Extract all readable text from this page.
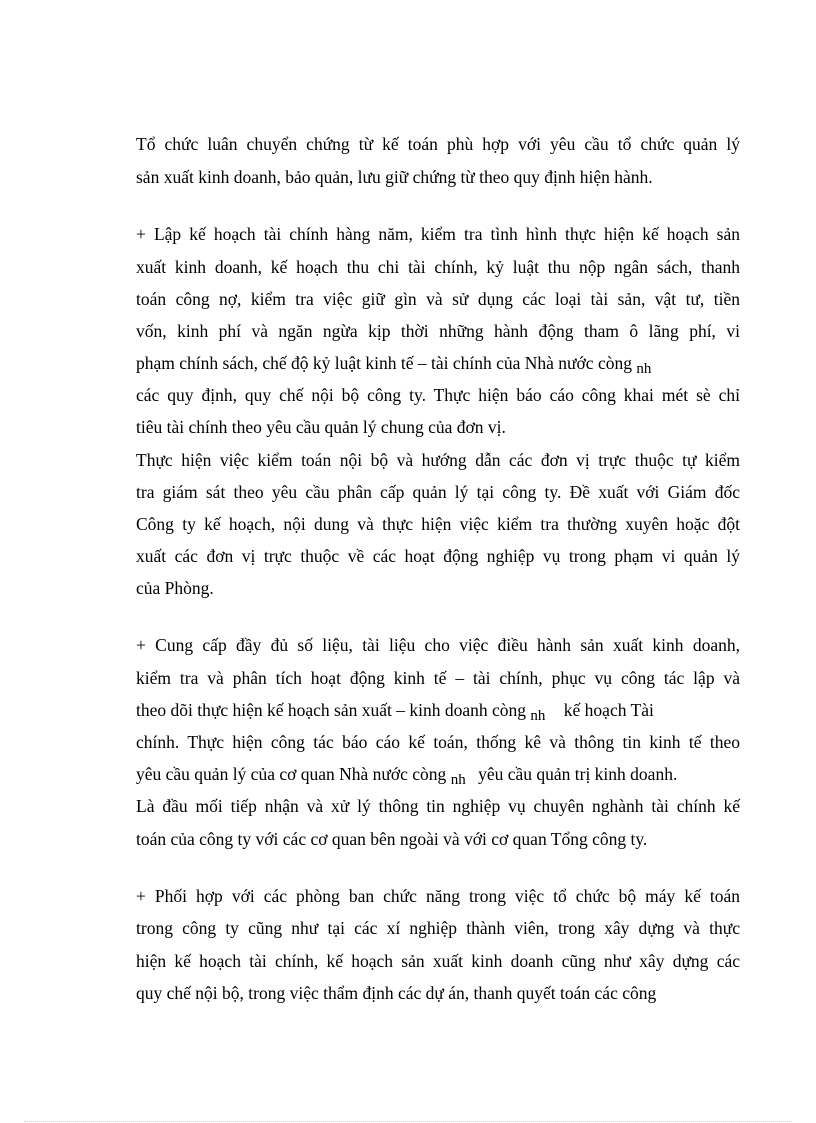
Tổ chức luân chuyển chứng từ kế toán phù hợp với yêu cầu tổ chức quản lý
sản xuất kinh doanh, bảo quản, lưu giữ chứng từ theo quy định hiện hành.
+ Lập kế hoạch tài chính hàng năm, kiểm tra tình hình thực hiện kế hoạch sản
xuất kinh doanh, kế hoạch thu chi tài chính, kỷ luật thu nộp ngân sách, thanh
toán công nợ, kiểm tra việc giữ gìn và sử dụng các loại tài sản, vật tư, tiền
vốn, kinh phí và ngăn ngừa kịp thời những hành động tham ô lãng phí, vi
phạm chính sách, chế độ kỷ luật kinh tế – tài chính của Nhà nước còng nh
các quy định, quy chế nội bộ công ty. Thực hiện báo cáo công khai mét sè chỉ
tiêu tài chính theo yêu cầu quản lý chung của đơn vị.
Thực hiện việc kiểm toán nội bộ và hướng dẫn các đơn vị trực thuộc tự kiểm
tra giám sát theo yêu cầu phân cấp quản lý tại công ty. Đề xuất với Giám đốc
Công ty kế hoạch, nội dung và thực hiện việc kiểm tra thường xuyên hoặc đột
xuất các đơn vị trực thuộc về các hoạt động nghiệp vụ trong phạm vi quản lý
của Phòng.
+ Cung cấp đầy đủ số liệu, tài liệu cho việc điều hành sản xuất kinh doanh,
kiểm tra và phân tích hoạt động kinh tế – tài chính, phục vụ công tác lập và
theo dõi thực hiện kế hoạch sản xuất – kinh doanh còng nh kế hoạch Tài
chính. Thực hiện công tác báo cáo kế toán, thống kê và thông tin kinh tế theo
yêu cầu quản lý của cơ quan Nhà nước còng nh yêu cầu quản trị kinh doanh.
Là đầu mối tiếp nhận và xử lý thông tin nghiệp vụ chuyên nghành tài chính kế
toán của công ty với các cơ quan bên ngoài và với cơ quan Tổng công ty.
+ Phối hợp với các phòng ban chức năng trong việc tổ chức bộ máy kế toán
trong công ty cũng như tại các xí nghiệp thành viên, trong xây dựng và thực
hiện kế hoạch tài chính, kế hoạch sản xuất kinh doanh cũng như xây dựng các
quy chế nội bộ, trong việc thẩm định các dự án, thanh quyết toán các công
